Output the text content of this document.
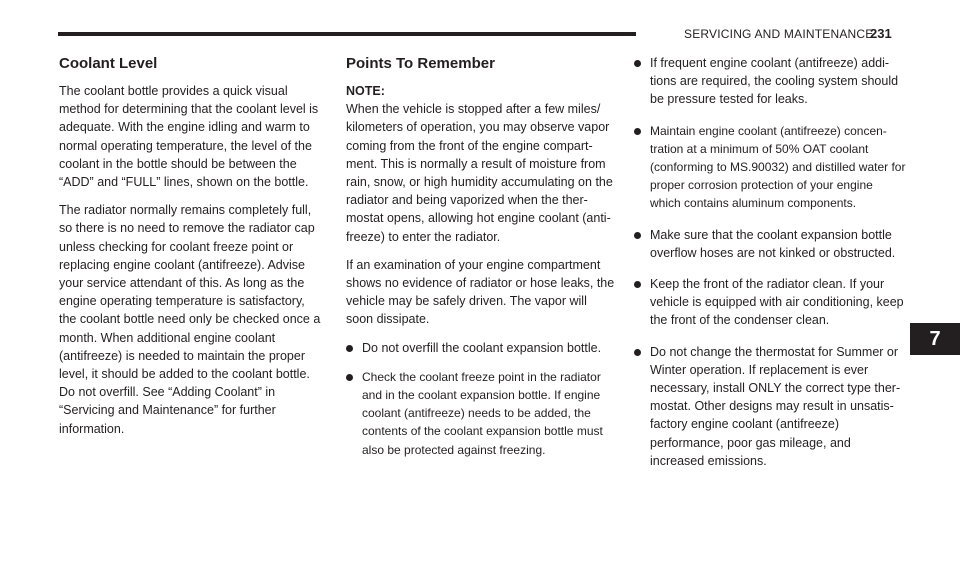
SERVICING AND MAINTENANCE
231
7
Coolant Level

The coolant bottle provides a quick visual method for determining that the coolant level is adequate. With the engine idling and warm to normal operating temperature, the level of the coolant in the bottle should be between the “ADD” and “FULL” lines, shown on the bottle.

The radiator normally remains completely full, so there is no need to remove the radiator cap unless checking for coolant freeze point or replacing engine coolant (antifreeze). Advise your service attendant of this. As long as the engine operating temperature is satisfactory, the coolant bottle need only be checked once a month. When additional engine coolant (antifreeze) is needed to maintain the proper level, it should be added to the coolant bottle. Do not overfill. See “Adding Coolant” in “Servicing and Maintenance” for further information.

Points To Remember

NOTE:

When the vehicle is stopped after a few miles/ kilometers of operation, you may observe vapor coming from the front of the engine compart-ment. This is normally a result of moisture from rain, snow, or high humidity accumulating on the radiator and being vaporized when the ther-mostat opens, allowing hot engine coolant (anti-freeze) to enter the radiator.

If an examination of your engine compartment shows no evidence of radiator or hose leaks, the vehicle may be safely driven. The vapor will soon dissipate.

Do not overfill the coolant expansion bottle.
Check the coolant freeze point in the radiator and in the coolant expansion bottle. If engine coolant (antifreeze) needs to be added, the contents of the coolant expansion bottle must also be protected against freezing.
If frequent engine coolant (antifreeze) addi-tions are required, the cooling system should be pressure tested for leaks.
Maintain engine coolant (antifreeze) concen-tration at a minimum of 50% OAT coolant (conforming to MS.90032) and distilled water for proper corrosion protection of your engine which contains aluminum components.
Make sure that the coolant expansion bottle overflow hoses are not kinked or obstructed.
Keep the front of the radiator clean. If your vehicle is equipped with air conditioning, keep the front of the condenser clean.
Do not change the thermostat for Summer or Winter operation. If replacement is ever necessary, install ONLY the correct type ther-mostat. Other designs may result in unsatis-factory engine coolant (antifreeze) performance, poor gas mileage, and increased emissions.
